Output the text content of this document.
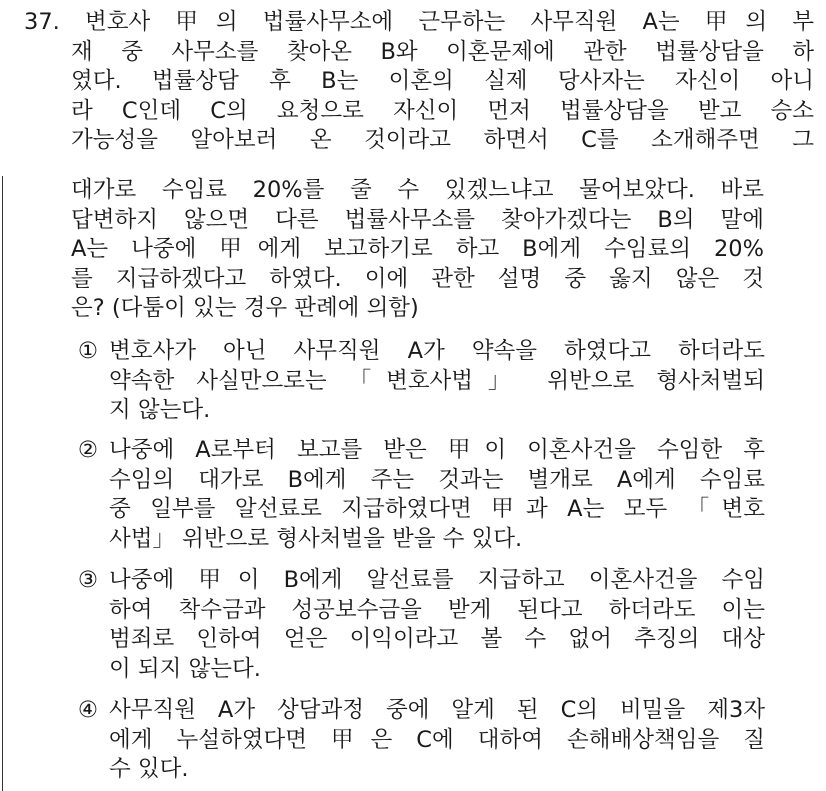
37. 변호사 甲의 법률사무소에 근무하는 사무직원 A는 甲의 부
재 중 사무소를 찾아온 B와 이혼문제에 관한 법률상담을 하
였다. 법률상담 후 B는 이혼의 실제 당사자는 자신이 아니
라 C인데 C의 요청으로 자신이 먼저 법률상담을 받고 승소
가능성을 알아보러 온 것이라고 하면서 C를 소개해주면 그
대가로 수임료 20%를 줄 수 있겠느냐고 물어보았다. 바로
답변하지 않으면 다른 법률사무소를 찾아가겠다는 B의 말에
A는 나중에 甲에게 보고하기로 하고 B에게 수임료의 20%
를 지급하겠다고 하였다. 이에 관한 설명 중 옳지 않은 것
은? (다툼이 있는 경우 판례에 의함)
① 변호사가 아닌 사무직원 A가 약속을 하였다고 하더라도
약속한 사실만으로는 「변호사법」 위반으로 형사처벌되
지 않는다.
② 나중에 A로부터 보고를 받은 甲이 이혼사건을 수임한 후
수임의 대가로 B에게 주는 것과는 별개로 A에게 수임료
중 일부를 알선료로 지급하였다면 甲과 A는 모두 「변호
사법」 위반으로 형사처벌을 받을 수 있다.
③ 나중에 甲이 B에게 알선료를 지급하고 이혼사건을 수임
하여 착수금과 성공보수금을 받게 된다고 하더라도 이는
범죄로 인하여 얻은 이익이라고 볼 수 없어 추징의 대상
이 되지 않는다.
④ 사무직원 A가 상담과정 중에 알게 된 C의 비밀을 제3자
에게 누설하였다면 甲은 C에 대하여 손해배상책임을 질
수 있다.
